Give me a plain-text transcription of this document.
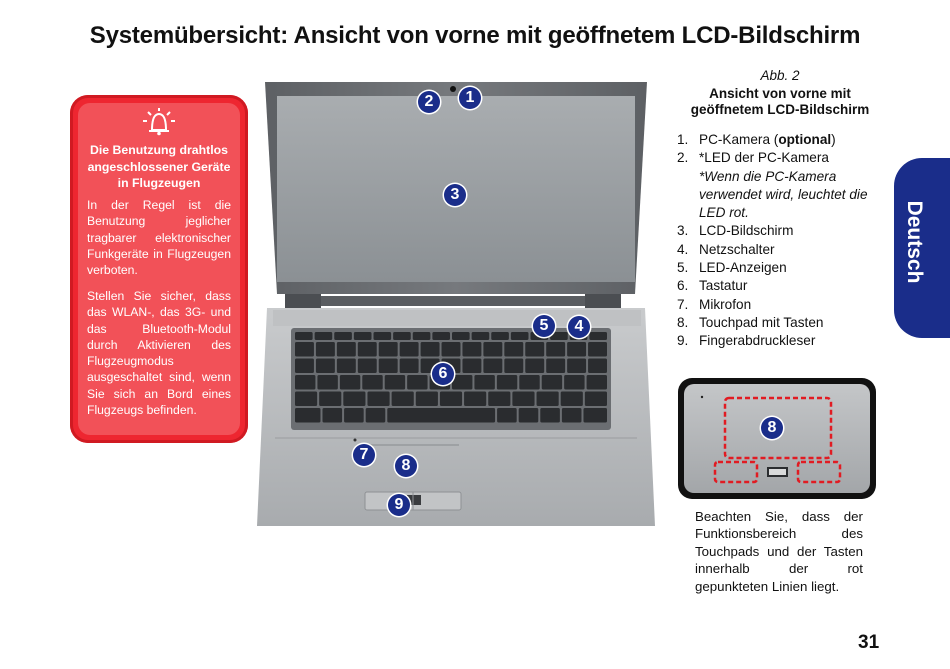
Systemübersicht: Ansicht von vorne mit geöffnetem LCD-Bildschirm
Die Benutzung drahtlos angeschlossener Geräte in Flugzeugen
In der Regel ist die Benutzung jeglicher tragbarer elektronischer Funkgeräte in Flugzeugen verboten.
Stellen Sie sicher, dass das WLAN-, das 3G- und das Bluetooth-Modul durch Aktivieren des Flugzeugmodus ausgeschaltet sind, wenn Sie sich an Bord eines Flugzeugs befinden.
1
2
3
4
5
6
7
8
9
Abb. 2
Ansicht von vorne mit geöffnetem LCD-Bildschirm
1. PC-Kamera (optional)
2. *LED der PC-Kamera
*Wenn die PC-Kamera verwendet wird, leuchtet die LED rot.
3. LCD-Bildschirm
4. Netzschalter
5. LED-Anzeigen
6. Tastatur
7. Mikrofon
8. Touchpad mit Tasten
9. Fingerabdruckleser
Deutsch
8
Beachten Sie, dass der Funktionsbereich des Touchpads und der Tasten innerhalb der rot gepunkteten Linien liegt.
31
